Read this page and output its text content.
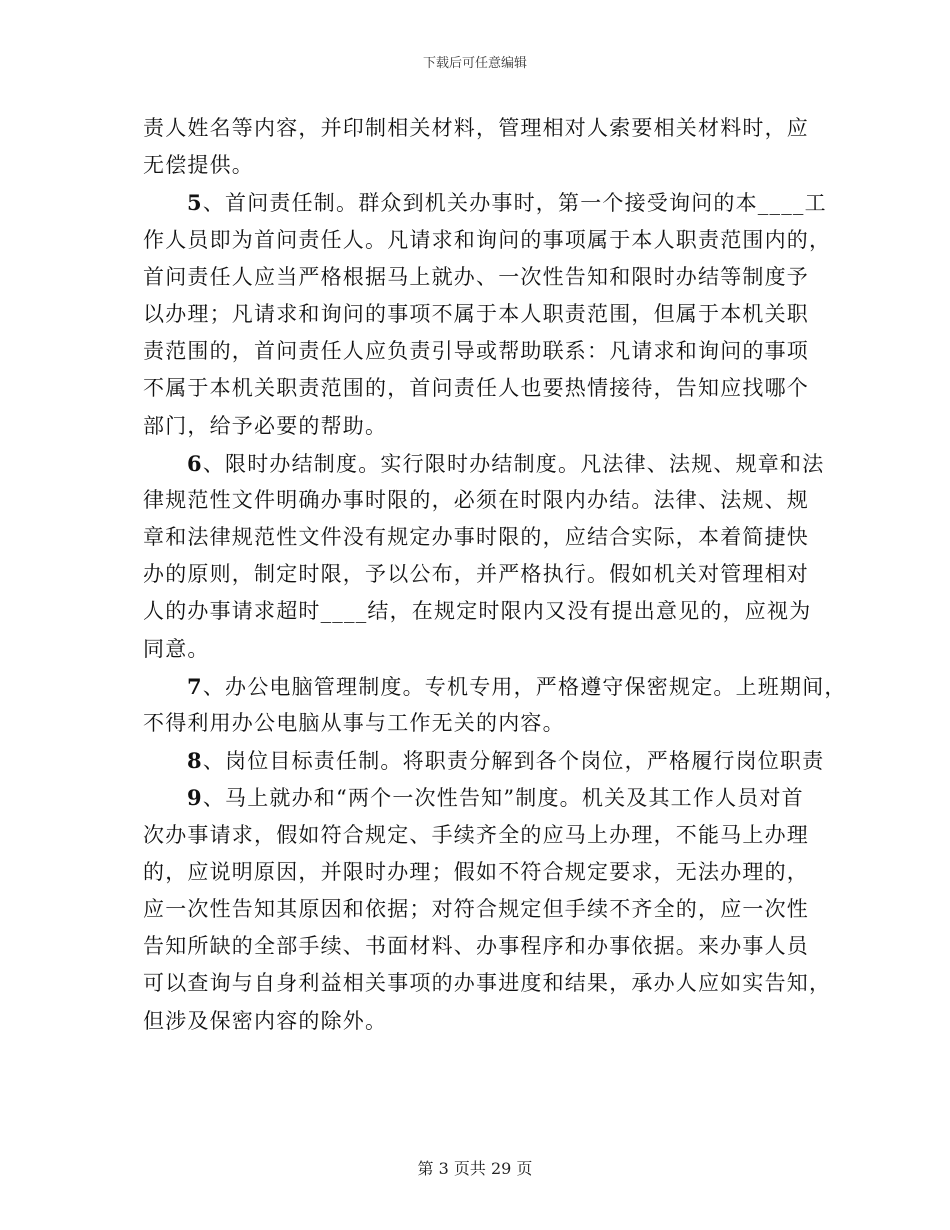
下载后可任意编辑
责人姓名等内容，并印制相关材料，管理相对人索要相关材料时，应
无偿提供。
5、首问责任制。群众到机关办事时，第一个接受询问的本____工
作人员即为首问责任人。凡请求和询问的事项属于本人职责范围内的，
首问责任人应当严格根据马上就办、一次性告知和限时办结等制度予
以办理；凡请求和询问的事项不属于本人职责范围，但属于本机关职
责范围的，首问责任人应负责引导或帮助联系：凡请求和询问的事项
不属于本机关职责范围的，首问责任人也要热情接待，告知应找哪个
部门，给予必要的帮助。
6、限时办结制度。实行限时办结制度。凡法律、法规、规章和法
律规范性文件明确办事时限的，必须在时限内办结。法律、法规、规
章和法律规范性文件没有规定办事时限的，应结合实际，本着简捷快
办的原则，制定时限，予以公布，并严格执行。假如机关对管理相对
人的办事请求超时____结，在规定时限内又没有提出意见的，应视为
同意。
7、办公电脑管理制度。专机专用，严格遵守保密规定。上班期间，
不得利用办公电脑从事与工作无关的内容。
8、岗位目标责任制。将职责分解到各个岗位，严格履行岗位职责
9、马上就办和“两个一次性告知”制度。机关及其工作人员对首
次办事请求，假如符合规定、手续齐全的应马上办理，不能马上办理
的，应说明原因，并限时办理；假如不符合规定要求，无法办理的，
应一次性告知其原因和依据；对符合规定但手续不齐全的，应一次性
告知所缺的全部手续、书面材料、办事程序和办事依据。来办事人员
可以查询与自身利益相关事项的办事进度和结果，承办人应如实告知，
但涉及保密内容的除外。
第 3 页共 29 页
